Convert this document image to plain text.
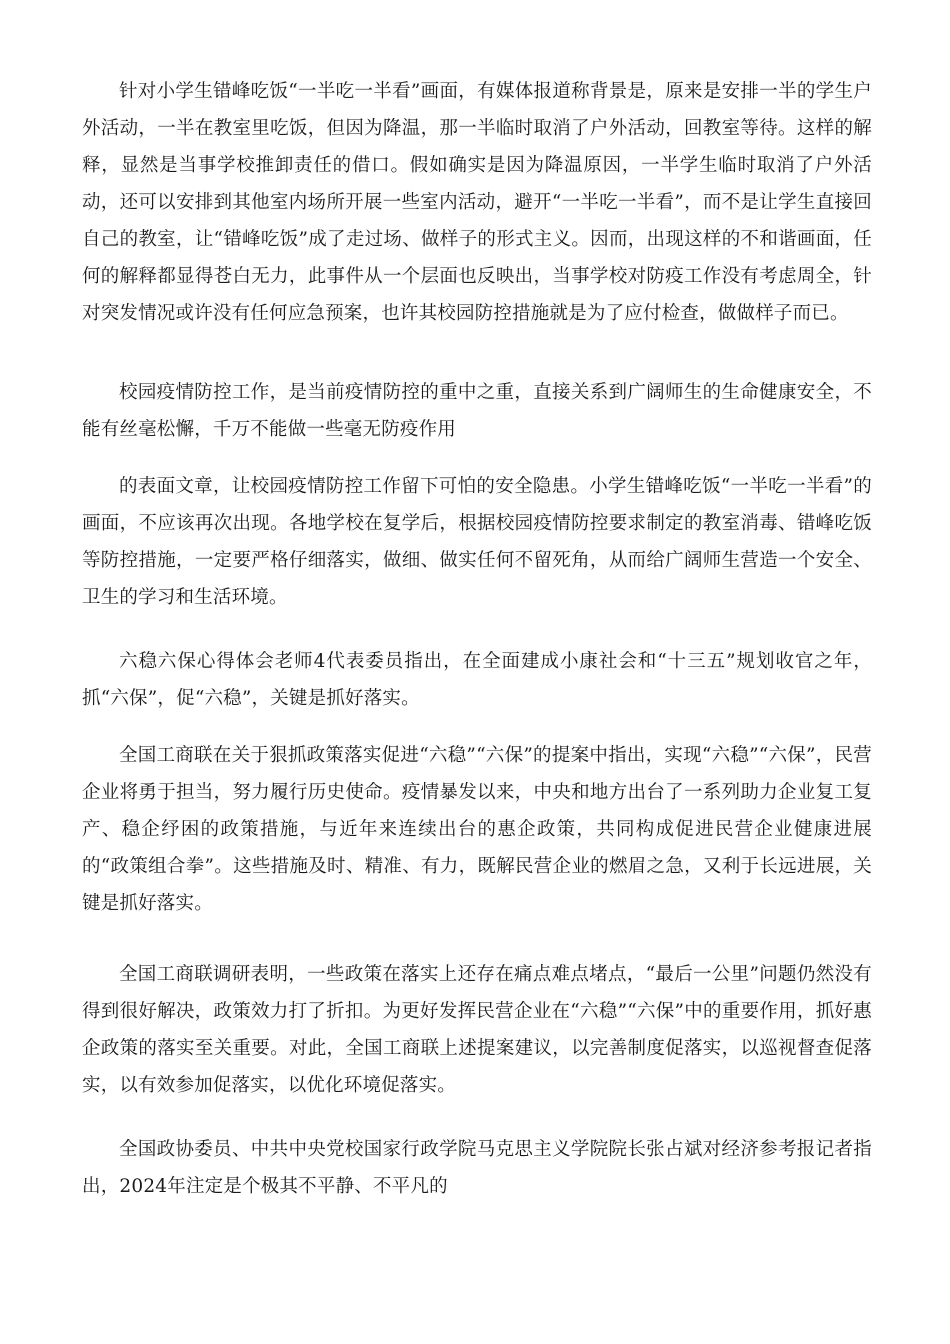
针对小学生错峰吃饭“一半吃一半看”画面，有媒体报道称背景是，原来是安排一半的学生户外活动，一半在教室里吃饭，但因为降温，那一半临时取消了户外活动，回教室等待。这样的解释，显然是当事学校推卸责任的借口。假如确实是因为降温原因，一半学生临时取消了户外活动，还可以安排到其他室内场所开展一些室内活动，避开“一半吃一半看”，而不是让学生直接回自己的教室，让“错峰吃饭”成了走过场、做样子的形式主义。因而，出现这样的不和谐画面，任何的解释都显得苍白无力，此事件从一个层面也反映出，当事学校对防疫工作没有考虑周全，针对突发情况或许没有任何应急预案，也许其校园防控措施就是为了应付检查，做做样子而已。

校园疫情防控工作，是当前疫情防控的重中之重，直接关系到广阔师生的生命健康安全，不能有丝毫松懈，千万不能做一些毫无防疫作用

的表面文章，让校园疫情防控工作留下可怕的安全隐患。小学生错峰吃饭“一半吃一半看”的画面，不应该再次出现。各地学校在复学后，根据校园疫情防控要求制定的教室消毒、错峰吃饭等防控措施，一定要严格仔细落实，做细、做实任何不留死角，从而给广阔师生营造一个安全、卫生的学习和生活环境。

六稳六保心得体会老师4代表委员指出，在全面建成小康社会和“十三五”规划收官之年，抓“六保”，促“六稳”，关键是抓好落实。

全国工商联在关于狠抓政策落实促进“六稳”“六保”的提案中指出，实现“六稳”“六保”，民营企业将勇于担当，努力履行历史使命。疫情暴发以来，中央和地方出台了一系列助力企业复工复产、稳企纾困的政策措施，与近年来连续出台的惠企政策，共同构成促进民营企业健康进展的“政策组合拳”。这些措施及时、精准、有力，既解民营企业的燃眉之急，又利于长远进展，关键是抓好落实。

全国工商联调研表明，一些政策在落实上还存在痛点难点堵点，“最后一公里”问题仍然没有得到很好解决，政策效力打了折扣。为更好发挥民营企业在“六稳”“六保”中的重要作用，抓好惠企政策的落实至关重要。对此，全国工商联上述提案建议，以完善制度促落实，以巡视督查促落实，以有效参加促落实，以优化环境促落实。

全国政协委员、中共中央党校国家行政学院马克思主义学院院长张占斌对经济参考报记者指出，2024年注定是个极其不平静、不平凡的
